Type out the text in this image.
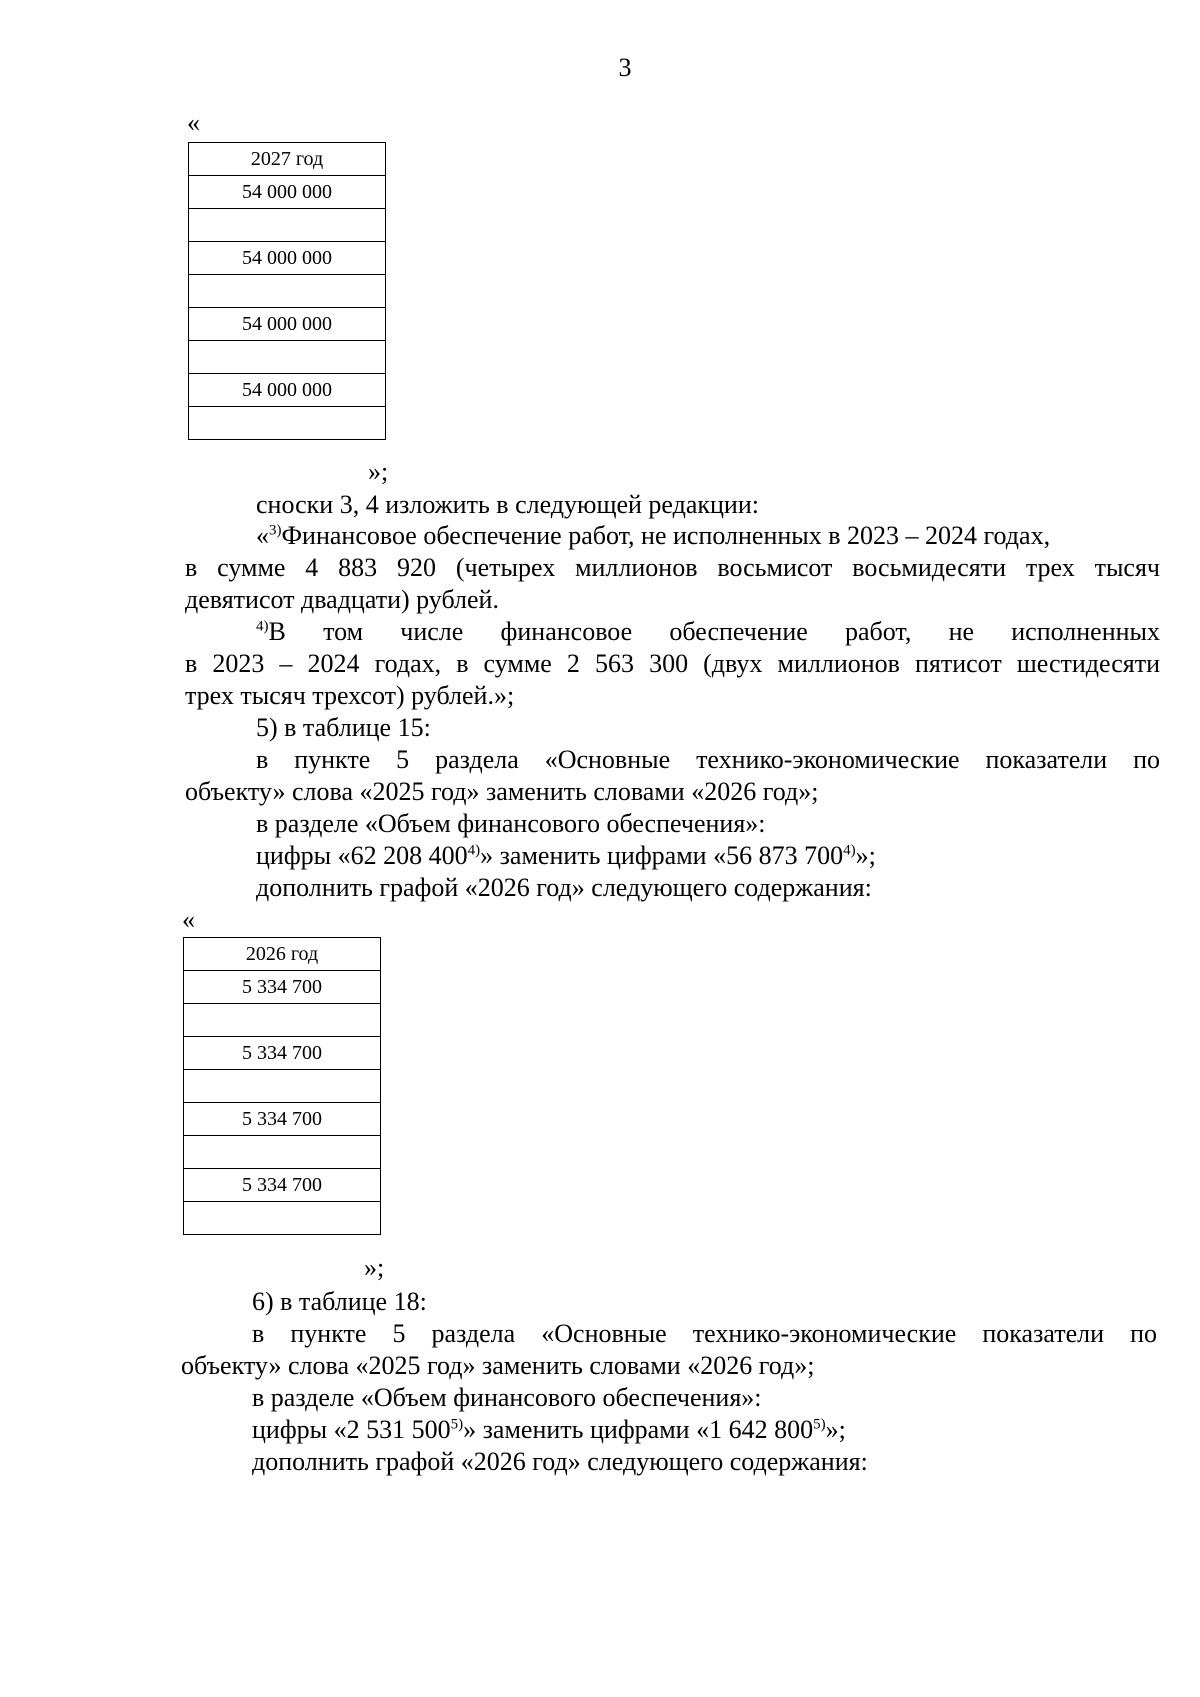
3
«
2027 год
54 000 000

54 000 000

54 000 000

54 000 000

»;
сноски 3, 4 изложить в следующей редакции:
«$^{3)}$Финансовое обеспечение работ, не исполненных в 2023 – 2024 годах,
в сумме 4 883 920 (четырех миллионов восьмисот восьмидесяти трех тысяч
девятисот двадцати) рублей.
$^{4)}$В том числе финансовое обеспечение работ, не исполненных
в 2023 – 2024 годах, в сумме 2 563 300 (двух миллионов пятисот шестидесяти
трех тысяч трехсот) рублей.»;
5) в таблице 15:
в пункте 5 раздела «Основные технико-экономические показатели по
объекту» слова «2025 год» заменить словами «2026 год»;
в разделе «Объем финансового обеспечения»:
цифры «62 208 400$^{4)}$» заменить цифрами «56 873 700$^{4)}$»;
дополнить графой «2026 год» следующего содержания:
«
2026 год
5 334 700

5 334 700

5 334 700

5 334 700

»;
6) в таблице 18:
в пункте 5 раздела «Основные технико-экономические показатели по
объекту» слова «2025 год» заменить словами «2026 год»;
в разделе «Объем финансового обеспечения»:
цифры «2 531 500$^{5)}$» заменить цифрами «1 642 800$^{5)}$»;
дополнить графой «2026 год» следующего содержания:
